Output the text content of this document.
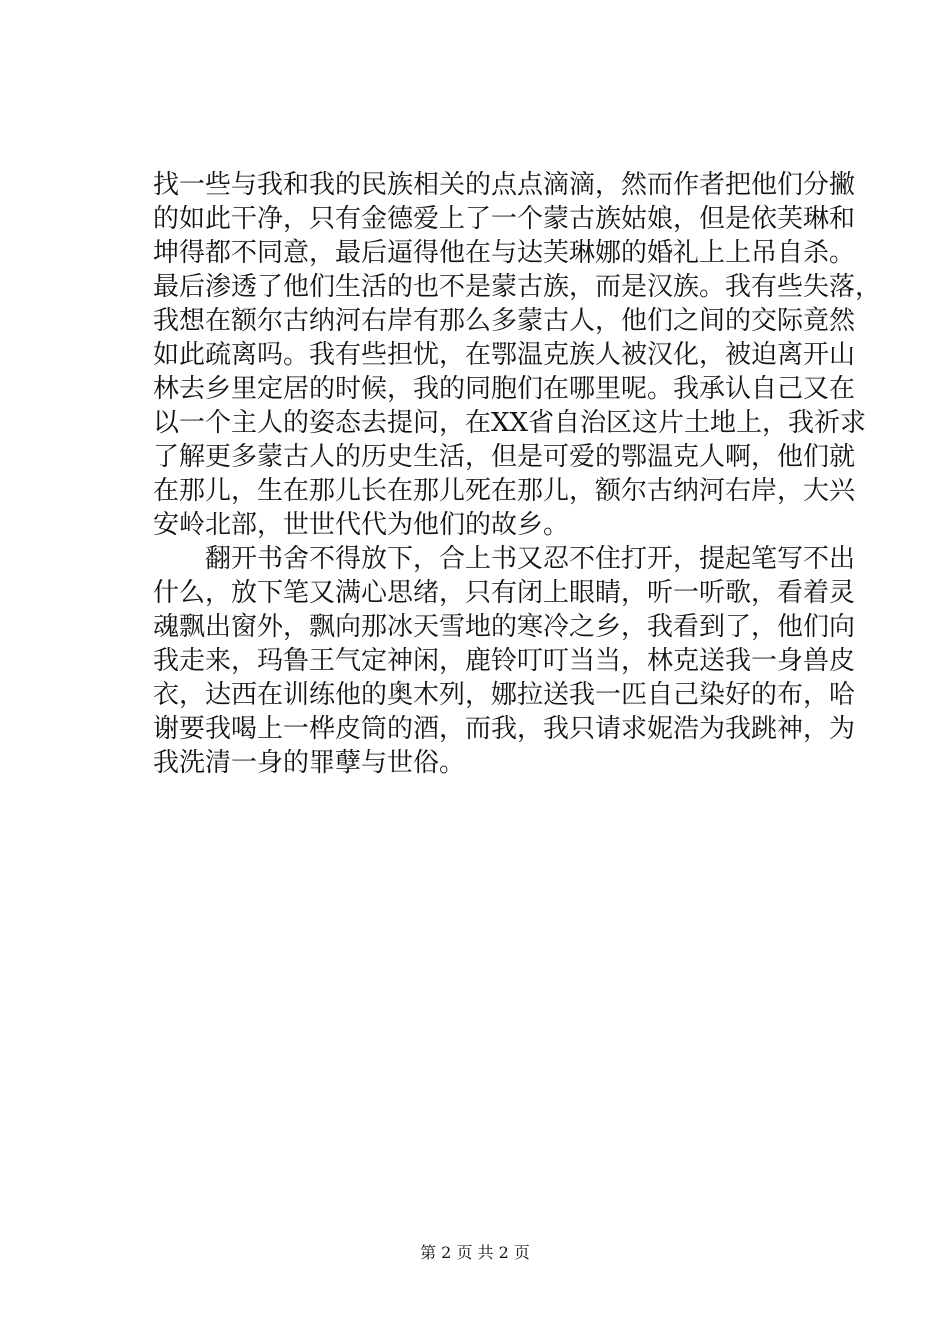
找一些与我和我的民族相关的点点滴滴，然而作者把他们分撇
的如此干净，只有金德爱上了一个蒙古族姑娘，但是依芙琳和
坤得都不同意，最后逼得他在与达芙琳娜的婚礼上上吊自杀。
最后渗透了他们生活的也不是蒙古族，而是汉族。我有些失落，
我想在额尔古纳河右岸有那么多蒙古人，他们之间的交际竟然
如此疏离吗。我有些担忧，在鄂温克族人被汉化，被迫离开山
林去乡里定居的时候，我的同胞们在哪里呢。我承认自己又在
以一个主人的姿态去提问，在XX省自治区这片土地上，我祈求
了解更多蒙古人的历史生活，但是可爱的鄂温克人啊，他们就
在那儿，生在那儿长在那儿死在那儿，额尔古纳河右岸，大兴
安岭北部，世世代代为他们的故乡。
　　翻开书舍不得放下，合上书又忍不住打开，提起笔写不出
什么，放下笔又满心思绪，只有闭上眼睛，听一听歌，看着灵
魂飘出窗外，飘向那冰天雪地的寒冷之乡，我看到了，他们向
我走来，玛鲁王气定神闲，鹿铃叮叮当当，林克送我一身兽皮
衣，达西在训练他的奥木列，娜拉送我一匹自己染好的布，哈
谢要我喝上一桦皮筒的酒，而我，我只请求妮浩为我跳神，为
我洗清一身的罪孽与世俗。
第 2 页 共 2 页
